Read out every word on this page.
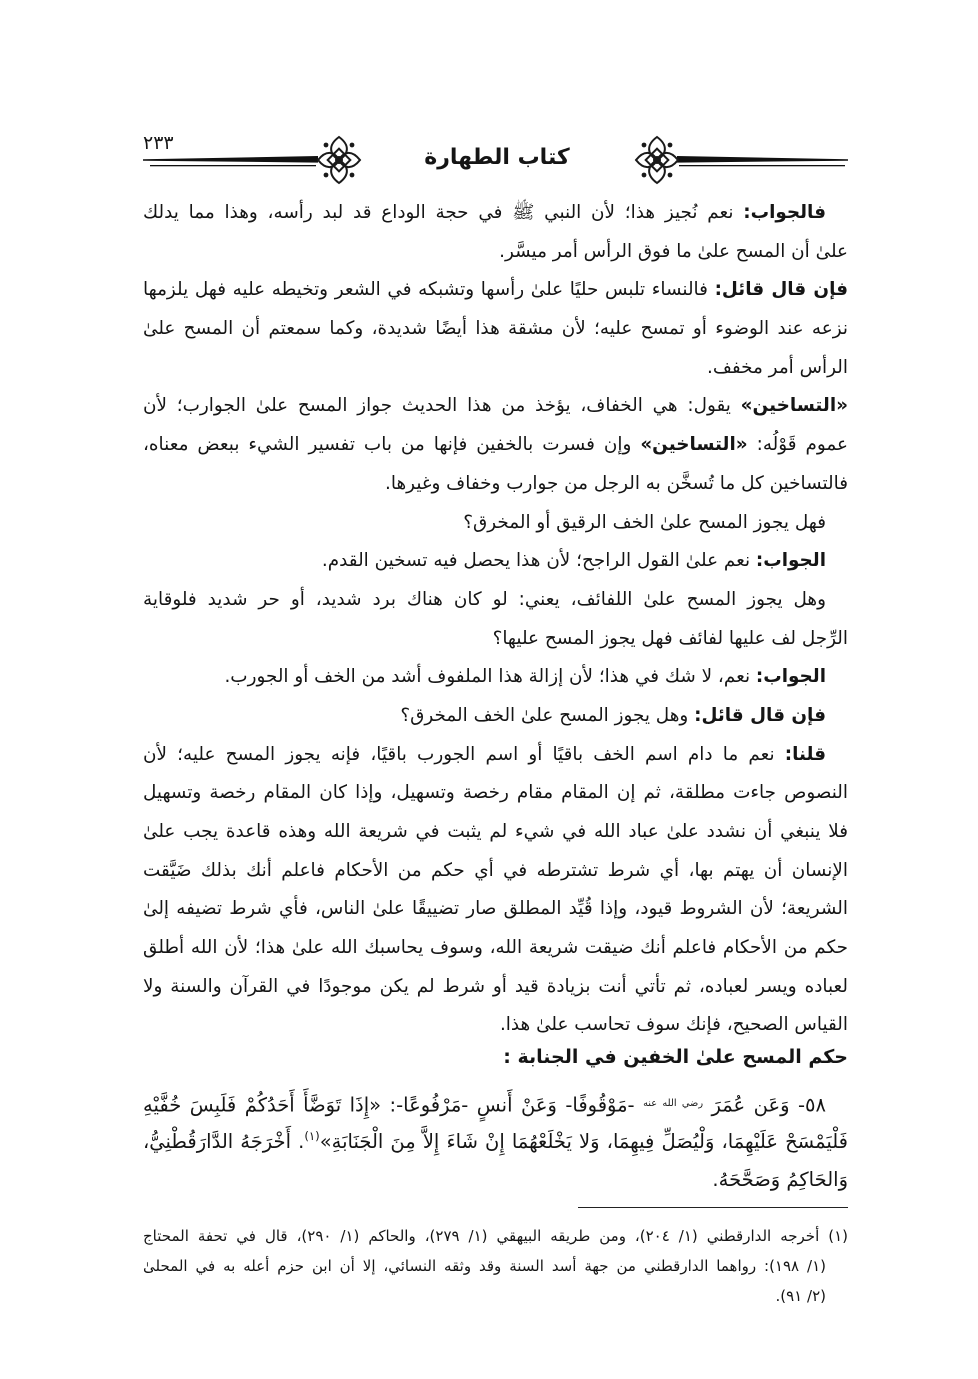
٢٣٣
كتاب الطهارة
فالجواب: نعم نُجيز هذا؛ لأن النبي ﷺ في حجة الوداع قد لبد رأسه، وهذا مما يدلك
علىٰ أن المسح علىٰ ما فوق الرأس أمر ميسَّر.
فإن قال قائل: فالنساء تلبس حليًا علىٰ رأسها وتشبكه في الشعر وتخيطه عليه فهل يلزمها
نزعه عند الوضوء أو تمسح عليه؛ لأن مشقة هذا أيضًا شديدة، وكما سمعتم أن المسح علىٰ
الرأس أمر مخفف.
«التساخين» يقول: هي الخفاف، يؤخذ من هذا الحديث جواز المسح علىٰ الجوارب؛ لأن
عموم قَوْلُه: «التساخين» وإن فسرت بالخفين فإنها من باب تفسير الشيء ببعض معناه،
فالتساخين كل ما تُسخَّن به الرجل من جوارب وخفاف وغيرها.
فهل يجوز المسح علىٰ الخف الرقيق أو المخرق؟
الجواب: نعم علىٰ القول الراجح؛ لأن هذا يحصل فيه تسخين القدم.
وهل يجوز المسح علىٰ اللفائف، يعني: لو كان هناك برد شديد، أو حر شديد فلوقاية
الرِّجل لف عليها لفائف فهل يجوز المسح عليها؟
الجواب: نعم، لا شك في هذا؛ لأن إزالة هذا الملفوف أشد من الخف أو الجورب.
فإن قال قائل: وهل يجوز المسح علىٰ الخف المخرق؟
قلنا: نعم ما دام اسم الخف باقيًا أو اسم الجورب باقيًا، فإنه يجوز المسح عليه؛ لأن
النصوص جاءت مطلقة، ثم إن المقام مقام رخصة وتسهيل، وإذا كان المقام رخصة وتسهيل
فلا ينبغي أن نشدد علىٰ عباد الله في شيء لم يثبت في شريعة الله وهذه قاعدة يجب علىٰ
الإنسان أن يهتم بها، أي شرط تشترطه في أي حكم من الأحكام فاعلم أنك بذلك ضَيَّقت
الشريعة؛ لأن الشروط قيود، وإذا قُيِّد المطلق صار تضييقًا علىٰ الناس، فأي شرط تضيفه إلىٰ
حكم من الأحكام فاعلم أنك ضيقت شريعة الله، وسوف يحاسبك الله علىٰ هذا؛ لأن الله أطلق
لعباده ويسر لعباده، ثم تأتي أنت بزيادة قيد أو شرط لم يكن موجودًا في القرآن والسنة ولا
القياس الصحيح، فإنك سوف تحاسب علىٰ هذا.
حكم المسح علىٰ الخفين في الجنابة :
٥٨- وَعَن عُمَرَ $^{رضي الله عنه}$ -مَوْقُوفًا- وَعَنْ أَنسٍ -مَرْفُوعًا-: «إِذَا تَوَضَّأَ أَحَدُكُمْ فَلَبِسَ خُفَّيْهِ
فَلْيَمْسَحْ عَلَيْهِمَا، وَلْيُصَلِّ فِيهِمَا، وَلا يَخْلَعْهُمَا إِنْ شَاءَ إِلاَّ مِنَ الْجَنَابَةِ»$^{(١)}$. أَخْرَجَهُ الدَّارَقُطْنِيُّ،
وَالحَاكِمُ وَصَحَّحَهُ.
(١) أخرجه الدارقطني (١/ ٢٠٤)، ومن طريقه البيهقي (١/ ٢٧٩)، والحاكم (١/ ٢٩٠)، قال في تحفة المحتاج
(١/ ١٩٨): رواهما الدارقطني من جهة أسد السنة وقد وثقه النسائي، إلا أن ابن حزم أعله به في المحلىٰ
(٢/ ٩١).
